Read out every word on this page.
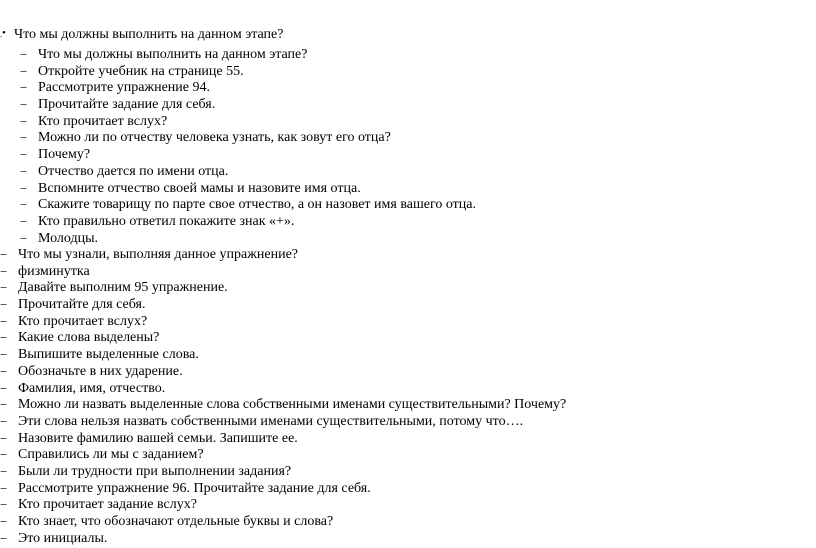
.• Что мы должны выполнить на данном этапе?
− Что мы должны выполнить на данном этапе?
− Откройте учебник на странице 55.
− Рассмотрите упражнение 94.
− Прочитайте задание для себя.
− Кто прочитает вслух?
− Можно ли по отчеству человека узнать, как зовут его отца?
− Почему?
− Отчество дается по имени отца.
− Вспомните отчество своей мамы и назовите имя отца.
− Скажите товарищу по парте свое отчество, а он назовет имя вашего отца.
− Кто правильно ответил покажите знак «+».
− Молодцы.
− Что мы узнали, выполняя данное упражнение?
− физминутка
− Давайте выполним 95 упражнение.
− Прочитайте для себя.
− Кто прочитает вслух?
− Какие слова выделены?
− Выпишите выделенные слова.
− Обозначьте в них ударение.
− Фамилия, имя, отчество.
− Можно ли назвать выделенные слова собственными именами существительными? Почему?
− Эти слова нельзя назвать собственными именами существительными, потому что….
− Назовите фамилию вашей семьи. Запишите ее.
− Справились ли мы с заданием?
− Были ли трудности при выполнении задания?
− Рассмотрите упражнение 96. Прочитайте задание для себя.
− Кто прочитает задание вслух?
− Кто знает, что обозначают отдельные буквы и слова?
− Это инициалы.
